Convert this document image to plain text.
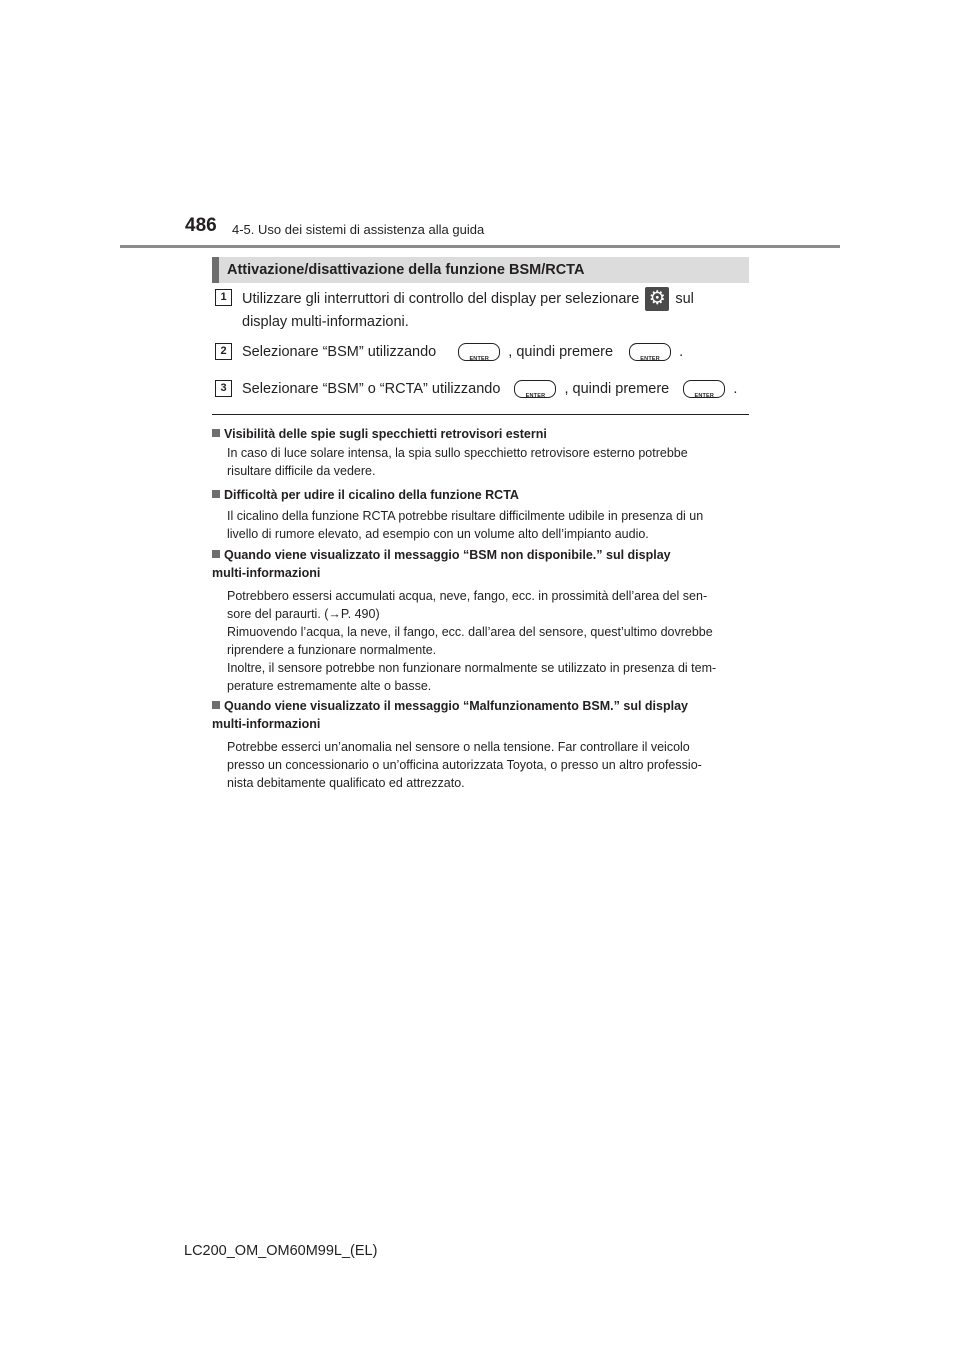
486 4-5. Uso dei sistemi di assistenza alla guida
Attivazione/disattivazione della funzione BSM/RCTA
1	Utilizzare gli interruttori di controllo del display per selezionare ⚙ sul
display multi-informazioni.
2	Selezionare “BSM” utilizzando ENTER	, quindi premere ENTER	.
3	Selezionare “BSM” o “RCTA” utilizzando ENTER	, quindi premere ENTER	.
Visibilità delle spie sugli specchietti retrovisori esterni
In caso di luce solare intensa, la spia sullo specchietto retrovisore esterno potrebbe
risultare difficile da vedere.
Difficoltà per udire il cicalino della funzione RCTA
Il cicalino della funzione RCTA potrebbe risultare difficilmente udibile in presenza di un
livello di rumore elevato, ad esempio con un volume alto dell’impianto audio.
Quando viene visualizzato il messaggio “BSM non disponibile.” sul display
multi-informazioni
Potrebbero essersi accumulati acqua, neve, fango, ecc. in prossimità dell’area del sen-
sore del paraurti. (→P. 490)
Rimuovendo l’acqua, la neve, il fango, ecc. dall’area del sensore, quest’ultimo dovrebbe
riprendere a funzionare normalmente.
Inoltre, il sensore potrebbe non funzionare normalmente se utilizzato in presenza di tem-
perature estremamente alte o basse.
Quando viene visualizzato il messaggio “Malfunzionamento BSM.” sul display
multi-informazioni
Potrebbe esserci un’anomalia nel sensore o nella tensione. Far controllare il veicolo
presso un concessionario o un’officina autorizzata Toyota, o presso un altro professio-
nista debitamente qualificato ed attrezzato.
LC200_OM_OM60M99L_(EL)
